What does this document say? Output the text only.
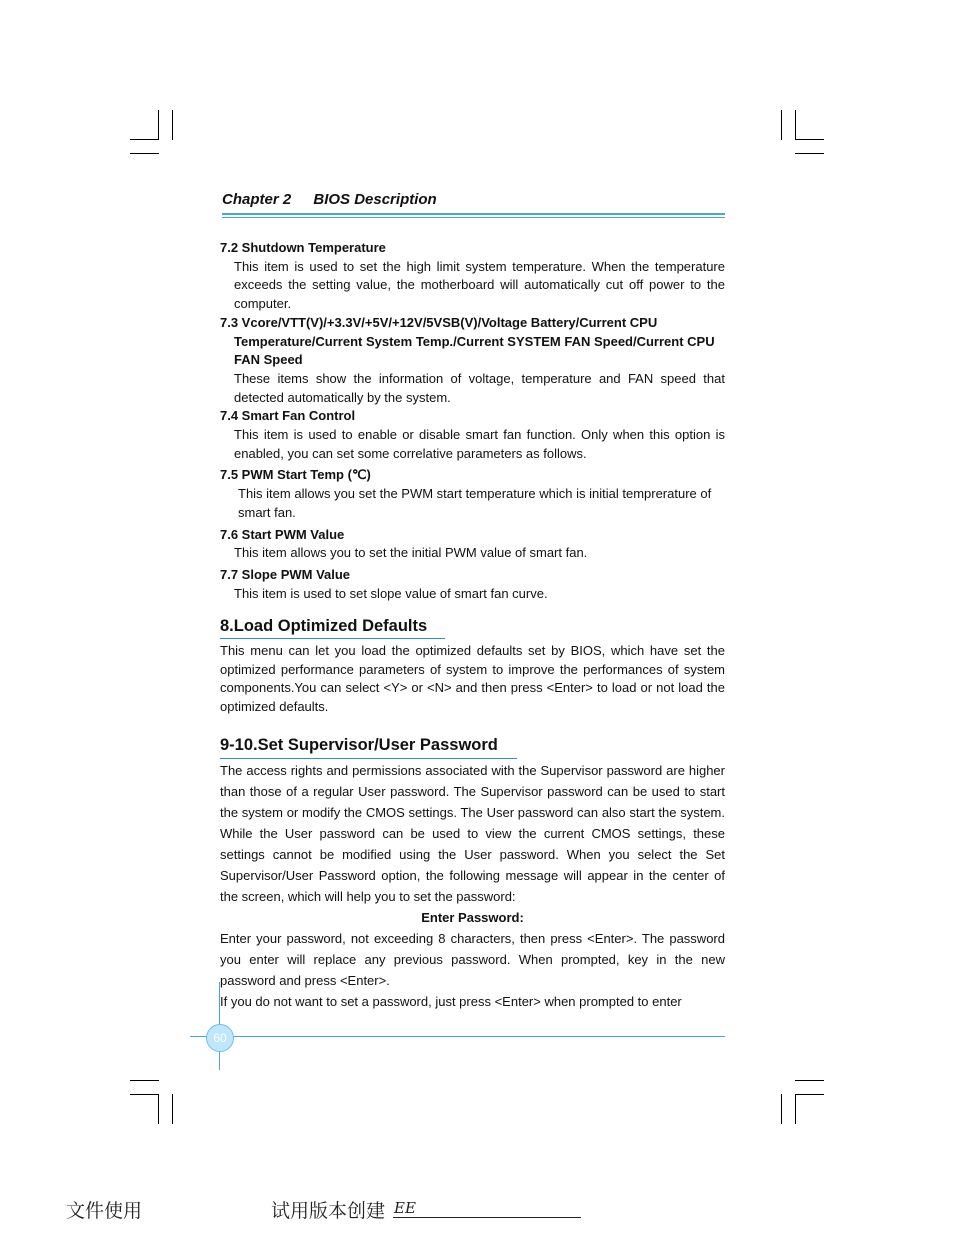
Chapter 2 BIOS Description
7.2 Shutdown Temperature
This item is used to set the high limit system temperature. When the temperature exceeds the setting value, the motherboard will automatically cut off power to the computer.
7.3 Vcore/VTT(V)/+3.3V/+5V/+12V/5VSB(V)/Voltage Battery/Current CPU Temperature/Current System Temp./Current SYSTEM FAN Speed/Current CPU FAN Speed
These items show the information of voltage, temperature and FAN speed that detected automatically by the system.
7.4 Smart Fan Control
This item is used to enable or disable smart fan function. Only when this option is enabled, you can set some correlative parameters as follows.
7.5 PWM Start Temp (℃)
This item allows you set the PWM start temperature which is initial temprerature of smart fan.
7.6 Start PWM Value
This item allows you to set the initial PWM value of smart fan.
7.7 Slope PWM Value
This item is used to set slope value of smart fan curve.
8.Load Optimized Defaults
This menu can let you load the optimized defaults set by BIOS, which have set the optimized performance parameters of system to improve the performances of system components.You can select <Y> or <N> and then press <Enter> to load or not load the optimized defaults.
9-10.Set Supervisor/User Password
The access rights and permissions associated with the Supervisor password are higher than those of a regular User password. The Supervisor password can be used to start the system or modify the CMOS settings. The User password can also start the system. While the User password can be used to view the current CMOS settings, these settings cannot be modified using the User password. When you select the Set Supervisor/User Password option, the following message will appear in the center of the screen, which will help you to set the password:
Enter Password:
Enter your password, not exceeding 8 characters, then press <Enter>. The password you enter will replace any previous password. When prompted, key in the new password and press <Enter>.
If you do not want to set a password, just press <Enter> when prompted to enter
60
文件使用	试用版本创建 EE
